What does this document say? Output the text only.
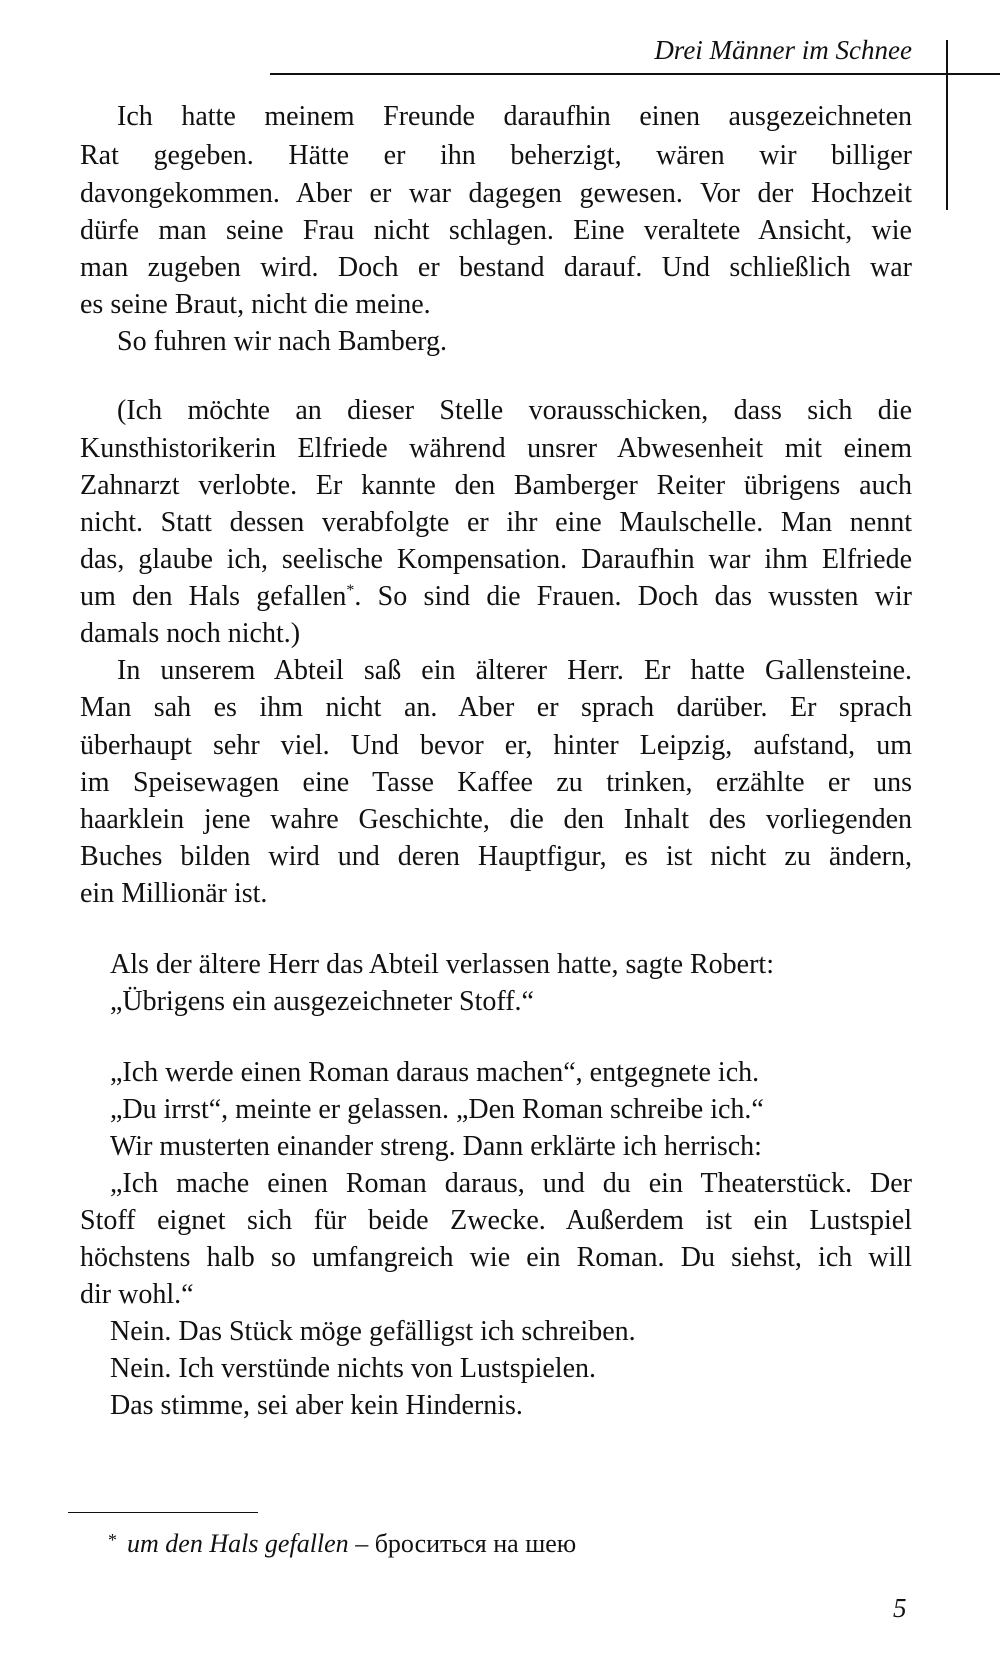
Drei Männer im Schnee
Ich hatte meinem Freunde daraufhin einen ausgezeichneten
Rat gegeben. Hätte er ihn beherzigt, wären wir billiger
davongekommen. Aber er war dagegen gewesen. Vor der Hochzeit
dürfe man seine Frau nicht schlagen. Eine veraltete Ansicht, wie
man zugeben wird. Doch er bestand darauf. Und schließlich war
es seine Braut, nicht die meine.
So fuhren wir nach Bamberg.
(Ich möchte an dieser Stelle vorausschicken, dass sich die
Kunsthistorikerin Elfriede während unsrer Abwesenheit mit einem
Zahnarzt verlobte. Er kannte den Bamberger Reiter übrigens auch
nicht. Statt dessen verabfolgte er ihr eine Maulschelle. Man nennt
das, glaube ich, seelische Kompensation. Daraufhin war ihm Elfriede
um den Hals gefallen*. So sind die Frauen. Doch das wussten wir
damals noch nicht.)
In unserem Abteil saß ein älterer Herr. Er hatte Gallensteine.
Man sah es ihm nicht an. Aber er sprach darüber. Er sprach
überhaupt sehr viel. Und bevor er, hinter Leipzig, aufstand, um
im Speisewagen eine Tasse Kaffee zu trinken, erzählte er uns
haarklein jene wahre Geschichte, die den Inhalt des vorliegenden
Buches bilden wird und deren Hauptfigur, es ist nicht zu ändern,
ein Millionär ist.
Als der ältere Herr das Abteil verlassen hatte, sagte Robert:
„Übrigens ein ausgezeichneter Stoff.“
„Ich werde einen Roman daraus machen“, entgegnete ich.
„Du irrst“, meinte er gelassen. „Den Roman schreibe ich.“
Wir musterten einander streng. Dann erklärte ich herrisch:
„Ich mache einen Roman daraus, und du ein Theaterstück. Der
Stoff eignet sich für beide Zwecke. Außerdem ist ein Lustspiel
höchstens halb so umfangreich wie ein Roman. Du siehst, ich will
dir wohl.“
Nein. Das Stück möge gefälligst ich schreiben.
Nein. Ich verstünde nichts von Lustspielen.
Das stimme, sei aber kein Hindernis.
* um den Hals gefallen – броситься на шею
5
